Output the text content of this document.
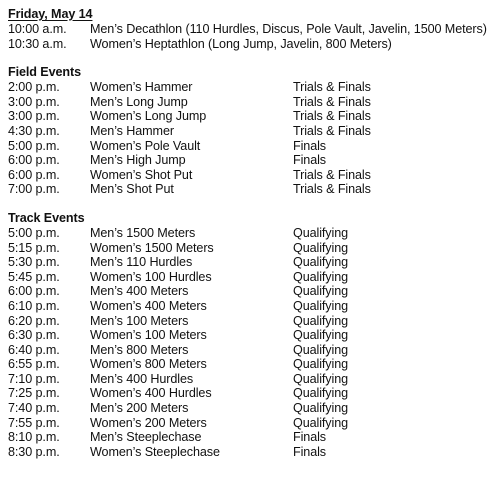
Friday, May 14
10:00 a.m.	Men’s Decathlon (110 Hurdles, Discus, Pole Vault, Javelin, 1500 Meters)
10:30 a.m.	Women’s Heptathlon (Long Jump, Javelin, 800 Meters)
Field Events
2:00 p.m.	Women’s Hammer	Trials & Finals
3:00 p.m.	Men’s Long Jump	Trials & Finals
3:00 p.m.	Women’s Long Jump	Trials & Finals
4:30 p.m.	Men’s Hammer	Trials & Finals
5:00 p.m.	Women’s Pole Vault	Finals
6:00 p.m.	Men’s High Jump	Finals
6:00 p.m.	Women’s Shot Put	Trials & Finals
7:00 p.m.	Men’s Shot Put	Trials & Finals
Track Events
5:00 p.m.	Men’s 1500 Meters	Qualifying
5:15 p.m.	Women’s 1500 Meters	Qualifying
5:30 p.m.	Men’s 110 Hurdles	Qualifying
5:45 p.m.	Women’s 100 Hurdles	Qualifying
6:00 p.m.	Men’s 400 Meters	Qualifying
6:10 p.m.	Women’s 400 Meters	Qualifying
6:20 p.m.	Men’s 100 Meters	Qualifying
6:30 p.m.	Women’s 100 Meters	Qualifying
6:40 p.m.	Men’s 800 Meters	Qualifying
6:55 p.m.	Women’s 800 Meters	Qualifying
7:10 p.m.	Men’s 400 Hurdles	Qualifying
7:25 p.m.	Women’s 400 Hurdles	Qualifying
7:40 p.m.	Men’s 200 Meters	Qualifying
7:55 p.m.	Women’s 200 Meters	Qualifying
8:10 p.m.	Men’s Steeplechase	Finals
8:30 p.m.	Women’s Steeplechase	Finals
